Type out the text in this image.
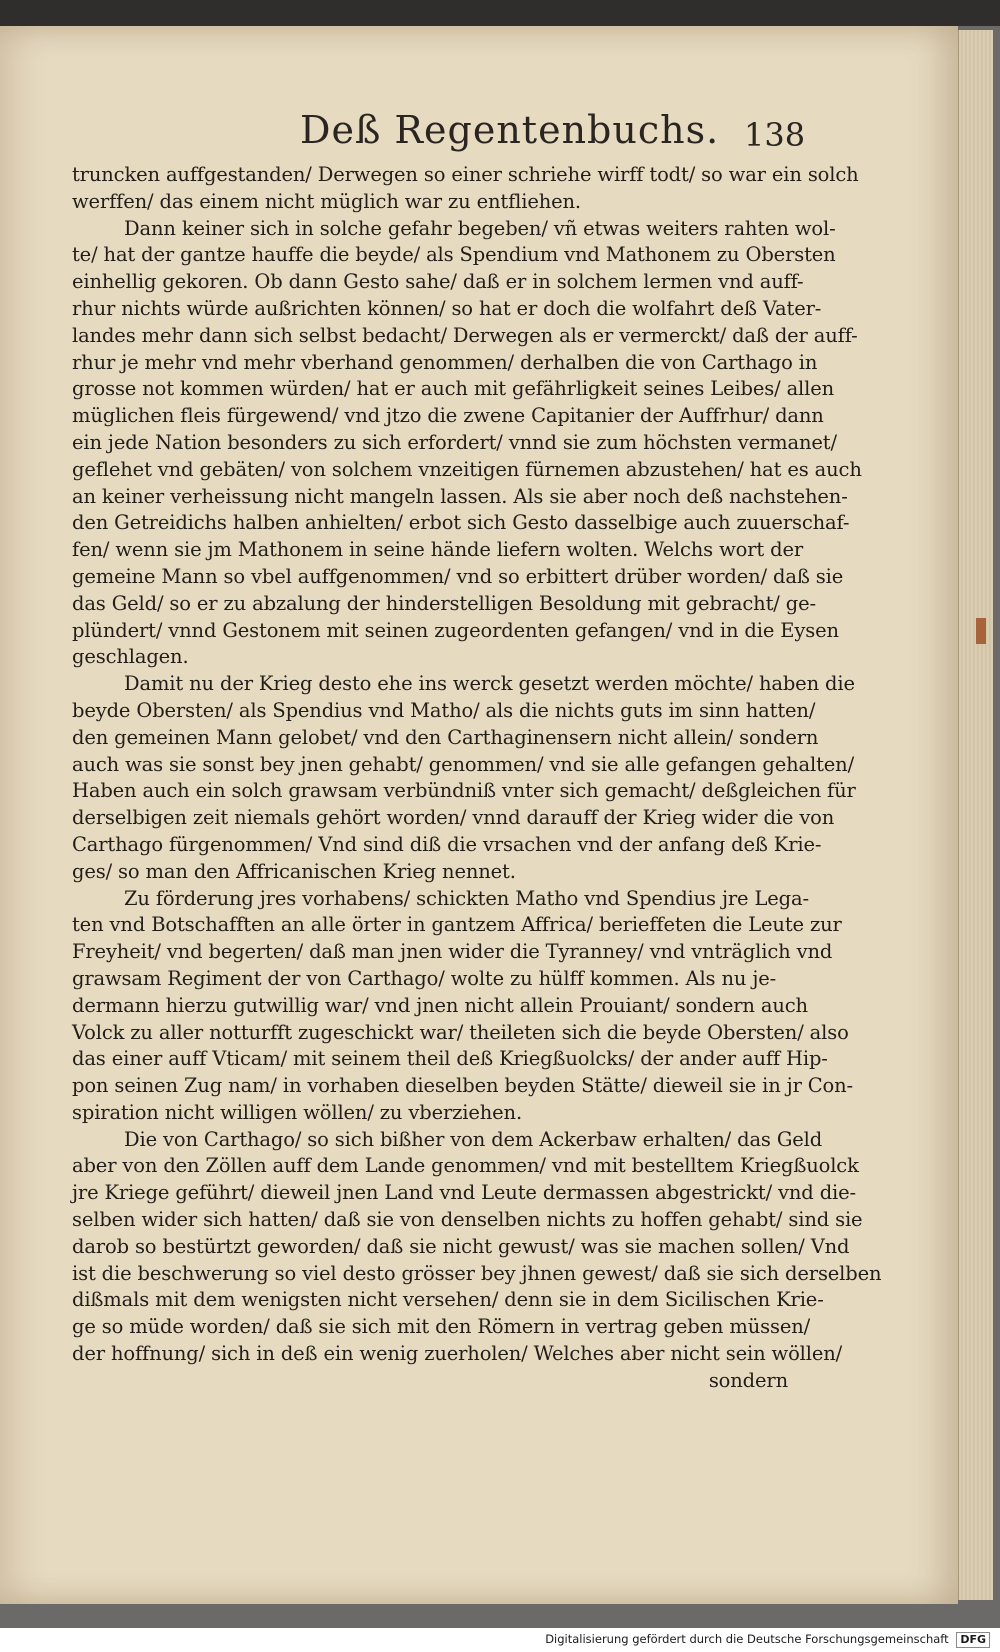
Deß Regentenbuchs. 138
truncken auffgestanden/ Derwegen so einer schriehe wirff todt/ so war ein solch
werffen/ das einem nicht müglich war zu entfliehen.
Dann keiner sich in solche gefahr begeben/ vñ etwas weiters rahten wol-
te/ hat der gantze hauffe die beyde/ als Spendium vnd Mathonem zu Obersten
einhellig gekoren. Ob dann Gesto sahe/ daß er in solchem lermen vnd auff-
rhur nichts würde außrichten können/ so hat er doch die wolfahrt deß Vater-
landes mehr dann sich selbst bedacht/ Derwegen als er vermerckt/ daß der auff-
rhur je mehr vnd mehr vberhand genommen/ derhalben die von Carthago in
grosse not kommen würden/ hat er auch mit gefährligkeit seines Leibes/ allen
müglichen fleis fürgewend/ vnd jtzo die zwene Capitanier der Auffrhur/ dann
ein jede Nation besonders zu sich erfordert/ vnnd sie zum höchsten vermanet/
geflehet vnd gebäten/ von solchem vnzeitigen fürnemen abzustehen/ hat es auch
an keiner verheissung nicht mangeln lassen. Als sie aber noch deß nachstehen-
den Getreidichs halben anhielten/ erbot sich Gesto dasselbige auch zuuerschaf-
fen/ wenn sie jm Mathonem in seine hände liefern wolten. Welchs wort der
gemeine Mann so vbel auffgenommen/ vnd so erbittert drüber worden/ daß sie
das Geld/ so er zu abzalung der hinderstelligen Besoldung mit gebracht/ ge-
plündert/ vnnd Gestonem mit seinen zugeordenten gefangen/ vnd in die Eysen
geschlagen.
Damit nu der Krieg desto ehe ins werck gesetzt werden möchte/ haben die
beyde Obersten/ als Spendius vnd Matho/ als die nichts guts im sinn hatten/
den gemeinen Mann gelobet/ vnd den Carthaginensern nicht allein/ sondern
auch was sie sonst bey jnen gehabt/ genommen/ vnd sie alle gefangen gehalten/
Haben auch ein solch grawsam verbündniß vnter sich gemacht/ deßgleichen für
derselbigen zeit niemals gehört worden/ vnnd darauff der Krieg wider die von
Carthago fürgenommen/ Vnd sind diß die vrsachen vnd der anfang deß Krie-
ges/ so man den Affricanischen Krieg nennet.
Zu förderung jres vorhabens/ schickten Matho vnd Spendius jre Lega-
ten vnd Botschafften an alle örter in gantzem Affrica/ berieffeten die Leute zur
Freyheit/ vnd begerten/ daß man jnen wider die Tyranney/ vnd vnträglich vnd
grawsam Regiment der von Carthago/ wolte zu hülff kommen. Als nu je-
dermann hierzu gutwillig war/ vnd jnen nicht allein Prouiant/ sondern auch
Volck zu aller notturfft zugeschickt war/ theileten sich die beyde Obersten/ also
das einer auff Vticam/ mit seinem theil deß Kriegßuolcks/ der ander auff Hip-
pon seinen Zug nam/ in vorhaben dieselben beyden Stätte/ dieweil sie in jr Con-
spiration nicht willigen wöllen/ zu vberziehen.
Die von Carthago/ so sich bißher von dem Ackerbaw erhalten/ das Geld
aber von den Zöllen auff dem Lande genommen/ vnd mit bestelltem Kriegßuolck
jre Kriege geführt/ dieweil jnen Land vnd Leute dermassen abgestrickt/ vnd die-
selben wider sich hatten/ daß sie von denselben nichts zu hoffen gehabt/ sind sie
darob so bestürtzt geworden/ daß sie nicht gewust/ was sie machen sollen/ Vnd
ist die beschwerung so viel desto grösser bey jhnen gewest/ daß sie sich derselben
dißmals mit dem wenigsten nicht versehen/ denn sie in dem Sicilischen Krie-
ge so müde worden/ daß sie sich mit den Römern in vertrag geben müssen/
der hoffnung/ sich in deß ein wenig zuerholen/ Welches aber nicht sein wöllen/
sondern
Digitalisierung gefördert durch die Deutsche Forschungsgemeinschaft DFG
